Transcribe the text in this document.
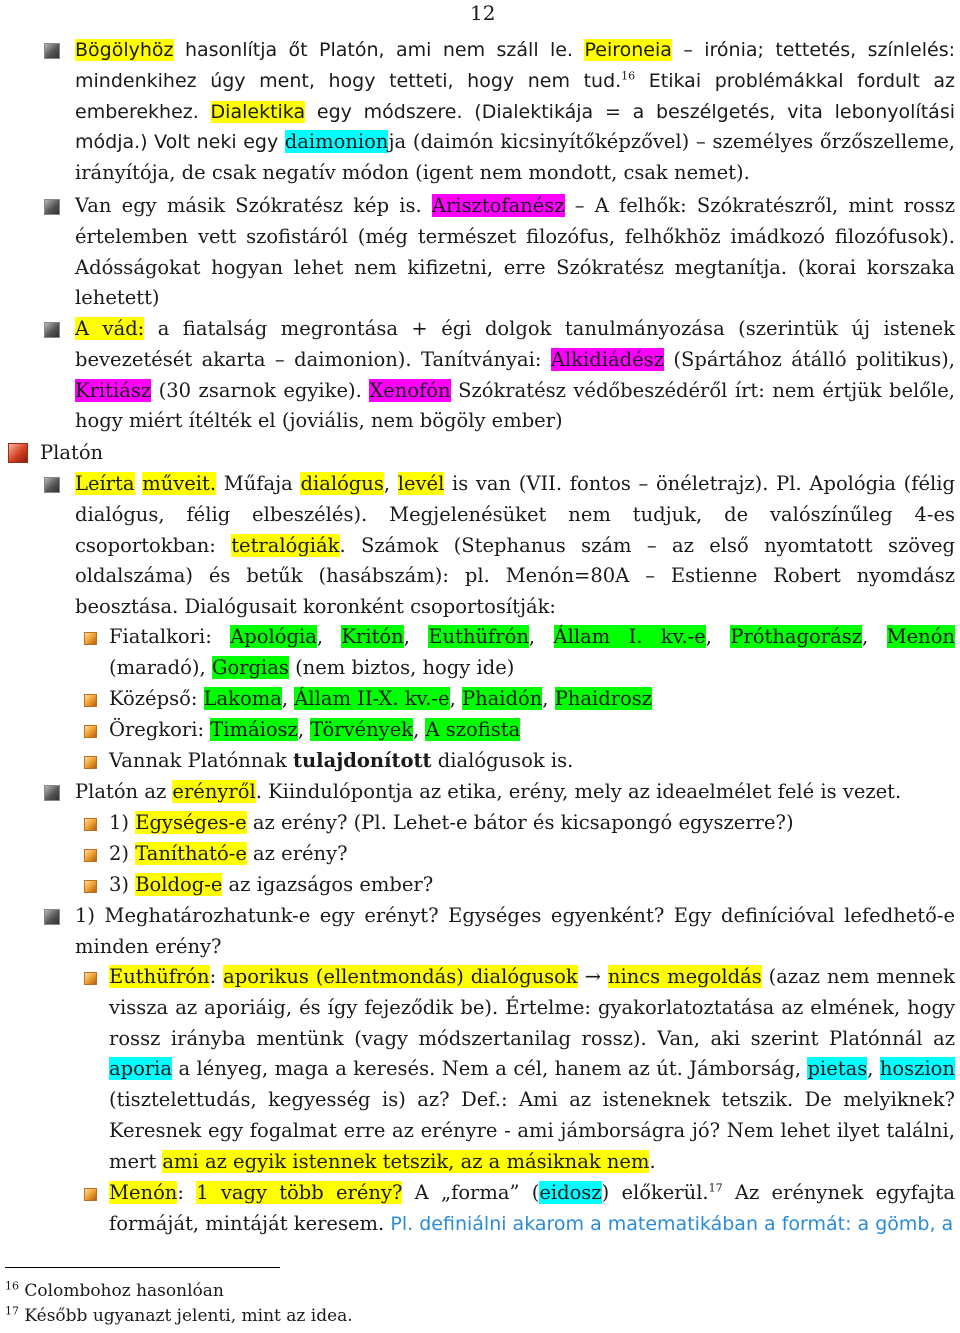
12
Bögölyhöz hasonlítja őt Platón, ami nem száll le. Peironeia – irónia; tettetés, színlelés: mindenkihez úgy ment, hogy tetteti, hogy nem tud.$^{16}$ Etikai problémákkal fordult az emberekhez. Dialektika egy módszere. (Dialektikája = a beszélgetés, vita lebonyolítási módja.) Volt neki egy daimonionja (daimón kicsinyítőképzővel) – személyes őrzőszelleme, irányítója, de csak negatív módon (igent nem mondott, csak nemet).
Van egy másik Szókratész kép is. Arisztofanész – A felhők: Szókratészről, mint rossz értelemben vett szofistáról (még természet filozófus, felhőkhöz imádkozó filozófusok). Adósságokat hogyan lehet nem kifizetni, erre Szókratész megtanítja. (korai korszaka lehetett)
A vád: a fiatalság megrontása + égi dolgok tanulmányozása (szerintük új istenek bevezetését akarta – daimonion). Tanítványai: Alkidiádész (Spártához átálló politikus), Kritiász (30 zsarnok egyike). Xenofón Szókratész védőbeszédéről írt: nem értjük belőle, hogy miért ítélték el (joviális, nem bögöly ember)
Platón
Leírta műveit. Műfaja dialógus, levél is van (VII. fontos – önéletrajz). Pl. Apológia (félig dialógus, félig elbeszélés). Megjelenésüket nem tudjuk, de valószínűleg 4-es csoportokban: tetralógiák. Számok (Stephanus szám – az első nyomtatott szöveg oldalszáma) és betűk (hasábszám): pl. Menón=80A – Estienne Robert nyomdász beosztása. Dialógusait koronként csoportosítják:
Fiatalkori: Apológia, Kritón, Euthüfrón, Állam I. kv.-e, Próthagorász, Menón (maradó), Gorgias (nem biztos, hogy ide)
Középső: Lakoma, Állam II-X. kv.-e, Phaidón, Phaidrosz
Öregkori: Timáiosz, Törvények, A szofista
Vannak Platónnak tulajdonított dialógusok is.
Platón az erényről. Kiindulópontja az etika, erény, mely az ideaelmélet felé is vezet.
1) Egységes-e az erény? (Pl. Lehet-e bátor és kicsapongó egyszerre?)
2) Tanítható-e az erény?
3) Boldog-e az igazságos ember?
1) Meghatározhatunk-e egy erényt? Egységes egyenként? Egy definícióval lefedhető-e minden erény?
Euthüfrón: aporikus (ellentmondás) dialógusok → nincs megoldás (azaz nem mennek vissza az aporiáig, és így fejeződik be). Értelme: gyakorlatoztatása az elmének, hogy rossz irányba mentünk (vagy módszertanilag rossz). Van, aki szerint Platónnál az aporia a lényeg, maga a keresés. Nem a cél, hanem az út. Jámborság, pietas, hoszion (tisztelettudás, kegyesség is) az? Def.: Ami az isteneknek tetszik. De melyiknek? Keresnek egy fogalmat erre az erényre - ami jámborságra jó? Nem lehet ilyet találni, mert ami az egyik istennek tetszik, az a másiknak nem.
Menón: 1 vagy több erény? A „forma” (eidosz) előkerül.$^{17}$ Az erénynek egyfajta formáját, mintáját keresem. Pl. definiálni akarom a matematikában a formát: a gömb, a
$^{16}$ Colombohoz hasonlóan
$^{17}$ Később ugyanazt jelenti, mint az idea.
